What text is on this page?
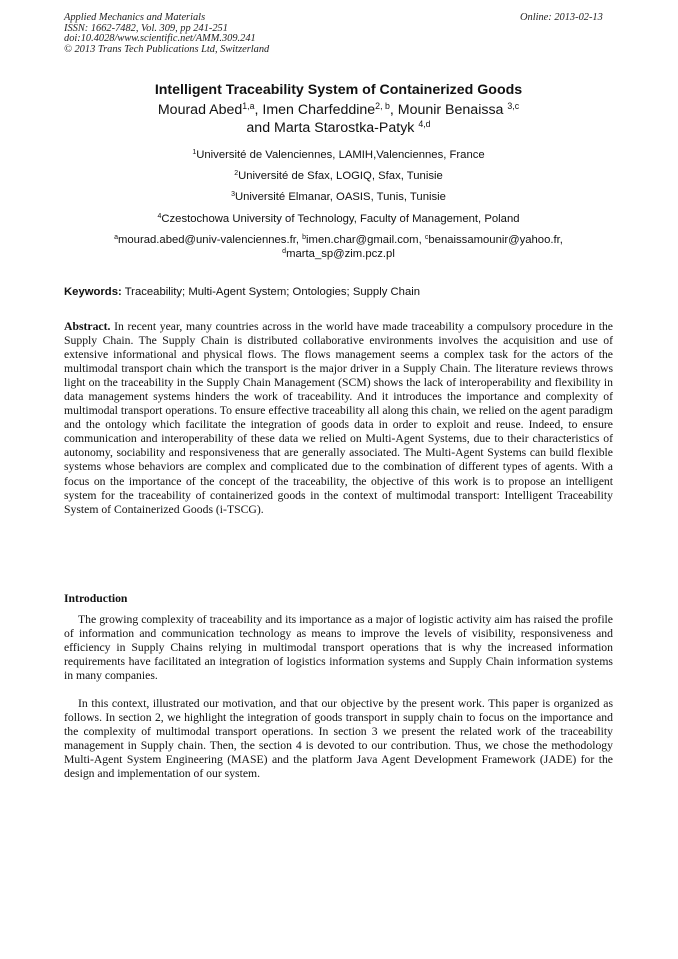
Applied Mechanics and Materials
ISSN: 1662-7482, Vol. 309, pp 241-251
doi:10.4028/www.scientific.net/AMM.309.241
© 2013 Trans Tech Publications Ltd, Switzerland
Online: 2013-02-13
Intelligent Traceability System of Containerized Goods
Mourad Abed$^{1,a}$, Imen Charfeddine$^{2, b}$, Mounir Benaissa $^{3,c}$
and Marta Starostka-Patyk $^{4,d}$
$^1$Université de Valenciennes, LAMIH,Valenciennes, France
$^2$Université de Sfax, LOGIQ, Sfax, Tunisie
$^3$Université Elmanar, OASIS, Tunis, Tunisie
$^4$Czestochowa University of Technology, Faculty of Management, Poland
$^a$mourad.abed@univ-valenciennes.fr, $^b$imen.char@gmail.com, $^c$benaissamounir@yahoo.fr,
$^d$marta_sp@zim.pcz.pl
Keywords: Traceability; Multi-Agent System; Ontologies; Supply Chain

Abstract. In recent year, many countries across in the world have made traceability a compulsory procedure in the Supply Chain. The Supply Chain is distributed collaborative environments involves the acquisition and use of extensive informational and physical flows. The flows management seems a complex task for the actors of the multimodal transport chain which the transport is the major driver in a Supply Chain. The literature reviews throws light on the traceability in the Supply Chain Management (SCM) shows the lack of interoperability and flexibility in data management systems hinders the work of traceability. And it introduces the importance and complexity of multimodal transport operations. To ensure effective traceability all along this chain, we relied on the agent paradigm and the ontology which facilitate the integration of goods data in order to exploit and reuse. Indeed, to ensure communication and interoperability of these data we relied on Multi-Agent Systems, due to their characteristics of autonomy, sociability and responsiveness that are generally associated. The Multi-Agent Systems can build flexible systems whose behaviors are complex and complicated due to the combination of different types of agents. With a focus on the importance of the concept of the traceability, the objective of this work is to propose an intelligent system for the traceability of containerized goods in the context of multimodal transport: Intelligent Traceability System of Containerized Goods (i-TSCG).

Introduction

The growing complexity of traceability and its importance as a major of logistic activity aim has raised the profile of information and communication technology as means to improve the levels of visibility, responsiveness and efficiency in Supply Chains relying in multimodal transport operations that is why the increased information requirements have facilitated an integration of logistics information systems and Supply Chain information systems in many companies.

In this context, illustrated our motivation, and that our objective by the present work. This paper is organized as follows. In section 2, we highlight the integration of goods transport in supply chain to focus on the importance and the complexity of multimodal transport operations. In section 3 we present the related work of the traceability management in Supply chain. Then, the section 4 is devoted to our contribution. Thus, we chose the methodology Multi-Agent System Engineering (MASE) and the platform Java Agent Development Framework (JADE) for the design and implementation of our system.
